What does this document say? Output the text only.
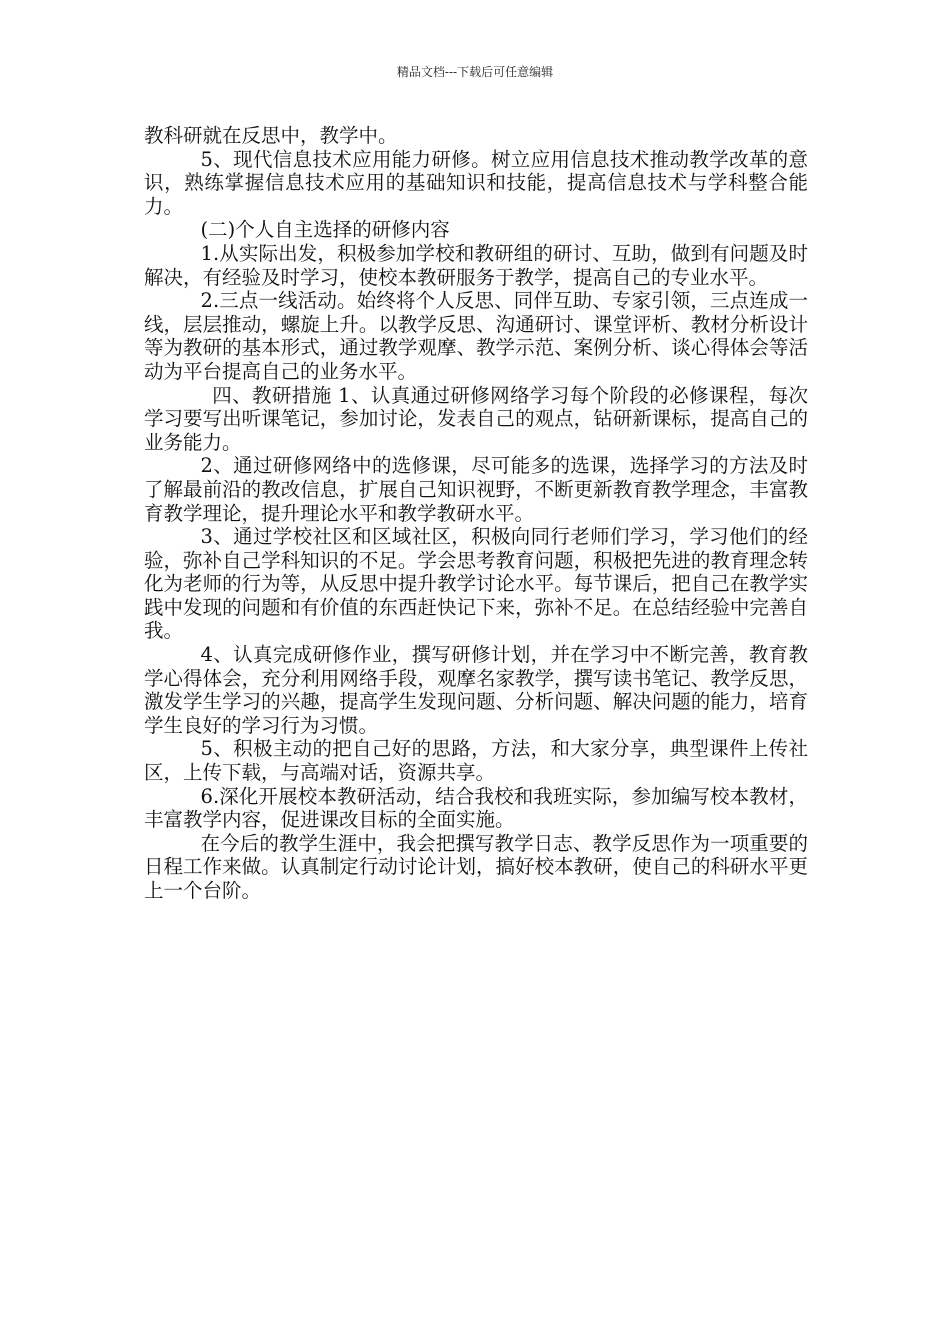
精品文档---下载后可任意编辑

教科研就在反思中，教学中。

5、现代信息技术应用能力研修。树立应用信息技术推动教学改革的意识，熟练掌握信息技术应用的基础知识和技能，提高信息技术与学科整合能力。

(二)个人自主选择的研修内容

1.从实际出发，积极参加学校和教研组的研讨、互助，做到有问题及时解决，有经验及时学习，使校本教研服务于教学，提高自己的专业水平。

2.三点一线活动。始终将个人反思、同伴互助、专家引领，三点连成一线，层层推动，螺旋上升。以教学反思、沟通研讨、课堂评析、教材分析设计等为教研的基本形式，通过教学观摩、教学示范、案例分析、谈心得体会等活动为平台提高自己的业务水平。

四、教研措施 1、认真通过研修网络学习每个阶段的必修课程，每次学习要写出听课笔记，参加讨论，发表自己的观点，钻研新课标，提高自己的业务能力。

2、通过研修网络中的选修课，尽可能多的选课，选择学习的方法及时了解最前沿的教改信息，扩展自己知识视野，不断更新教育教学理念，丰富教育教学理论，提升理论水平和教学教研水平。

3、通过学校社区和区域社区，积极向同行老师们学习，学习他们的经验，弥补自己学科知识的不足。学会思考教育问题，积极把先进的教育理念转化为老师的行为等，从反思中提升教学讨论水平。每节课后，把自己在教学实践中发现的问题和有价值的东西赶快记下来，弥补不足。在总结经验中完善自我。

4、认真完成研修作业，撰写研修计划，并在学习中不断完善，教育教学心得体会，充分利用网络手段，观摩名家教学，撰写读书笔记、教学反思，激发学生学习的兴趣，提高学生发现问题、分析问题、解决问题的能力，培育学生良好的学习行为习惯。

5、积极主动的把自己好的思路，方法，和大家分享，典型课件上传社区，上传下载，与高端对话，资源共享。

6.深化开展校本教研活动，结合我校和我班实际，参加编写校本教材，丰富教学内容，促进课改目标的全面实施。

在今后的教学生涯中，我会把撰写教学日志、教学反思作为一项重要的日程工作来做。认真制定行动讨论计划，搞好校本教研，使自己的科研水平更上一个台阶。
